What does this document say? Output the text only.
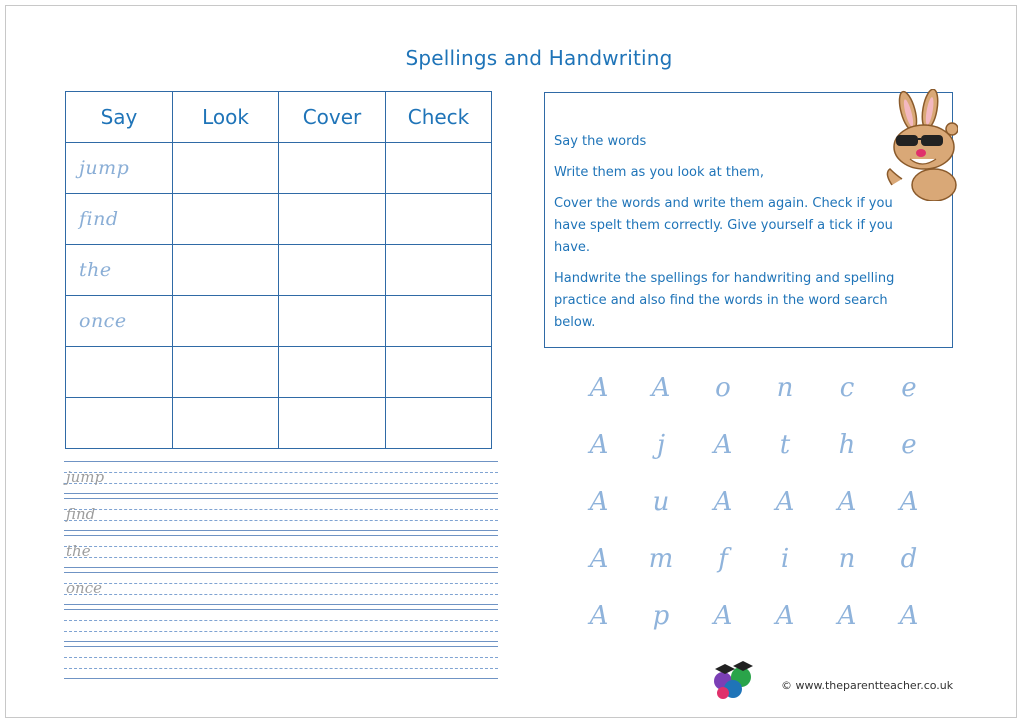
Spellings and Handwriting
Say	Look	Cover	Check
jump			
find			
the			
once			

jump
find
the
once

Say the words

Write them as you look at them,

Cover the words and write them again. Check if you have spelt them correctly. Give yourself a tick if you have.

Handwrite the spellings for handwriting and spelling practice and also find the words in the word search below.

A	A	o	n	c	e
A	j	A	t	h	e
A	u	A	A	A	A
A	m	f	i	n	d
A	p	A	A	A	A
© www.theparentteacher.co.uk
